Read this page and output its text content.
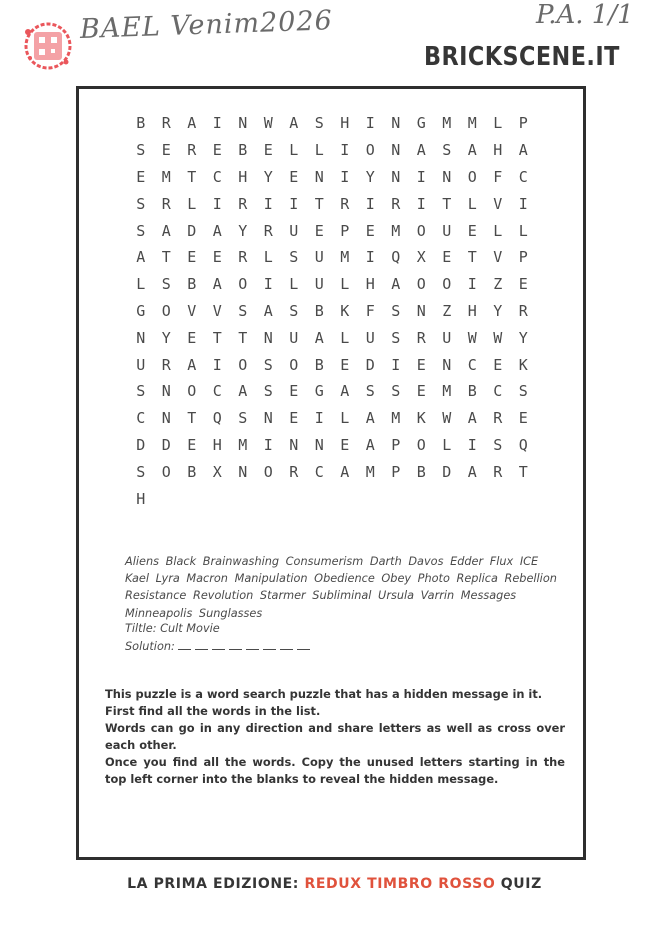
BAEL Venim2026	P.A. 1/1
BRICKSCENE.IT
B	R	A	I	N	W	A	S	H	I	N	G	M	M	L	P
S	E	R	E	B	E	L	L	I	O	N	A	S	A	H	A
E	M	T	C	H	Y	E	N	I	Y	N	I	N	O	F	C
S	R	L	I	R	I	I	T	R	I	R	I	T	L	V	I
S	A	D	A	Y	R	U	E	P	E	M	O	U	E	L	L
A	T	E	E	R	L	S	U	M	I	Q	X	E	T	V	P
L	S	B	A	O	I	L	U	L	H	A	O	O	I	Z	E
G	O	V	V	S	A	S	B	K	F	S	N	Z	H	Y	R
N	Y	E	T	T	N	U	A	L	U	S	R	U	W	W	Y
U	R	A	I	O	S	O	B	E	D	I	E	N	C	E	K
S	N	O	C	A	S	E	G	A	S	S	E	M	B	C	S
C	N	T	Q	S	N	E	I	L	A	M	K	W	A	R	E
D	D	E	H	M	I	N	N	E	A	P	O	L	I	S	Q
S	O	B	X	N	O	R	C	A	M	P	B	D	A	R	T
H
Aliens Black Brainwashing Consumerism Darth Davos Edder Flux ICE Kael Lyra Macron Manipulation Obedience Obey Photo Replica Rebellion Resistance Revolution Starmer Subliminal Ursula Varrin Messages Minneapolis Sunglasses
Tiltle: Cult Movie
Solution:

This puzzle is a word search puzzle that has a hidden message in it.

First find all the words in the list.

Words can go in any direction and share letters as well as cross over each other.

Once you find all the words. Copy the unused letters starting in the top left corner into the blanks to reveal the hidden message.

LA PRIMA EDIZIONE: REDUX TIMBRO ROSSO QUIZ
